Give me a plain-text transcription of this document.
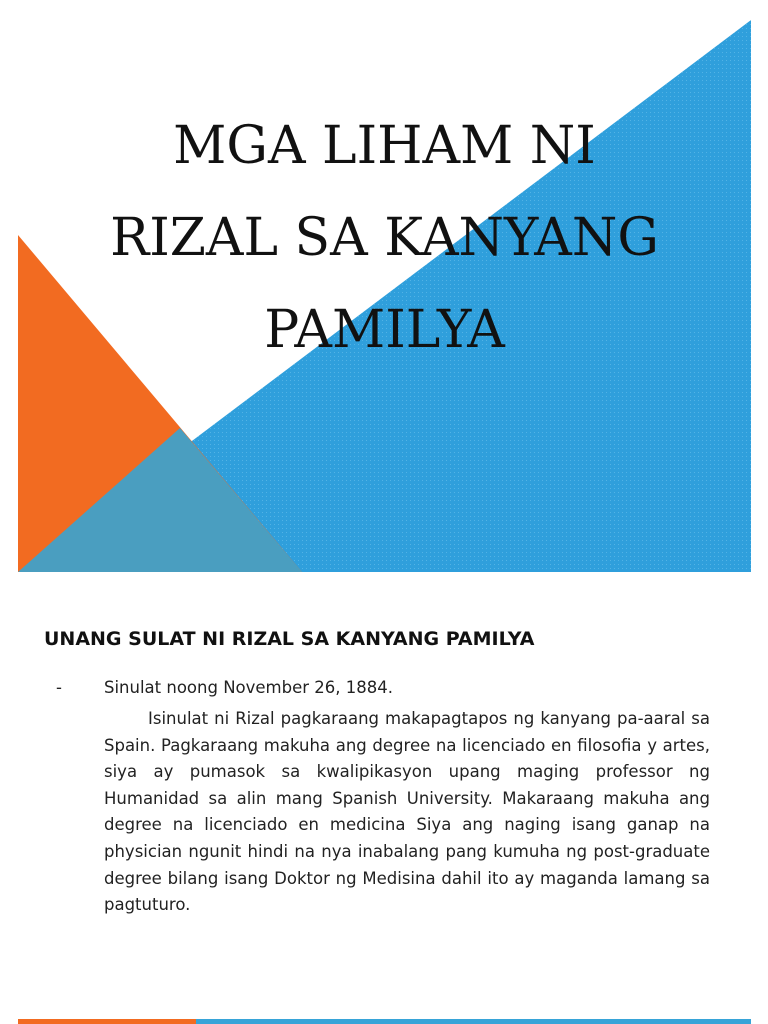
MGA LIHAM NI
RIZAL SA KANYANG
PAMILYA
UNANG SULAT NI RIZAL SA KANYANG PAMILYA
-	Sinulat noong November 26, 1884.

Isinulat ni Rizal pagkaraang makapagtapos ng kanyang pa-aaral sa Spain. Pagkaraang makuha ang degree na licenciado en filosofia y artes, siya ay pumasok sa kwalipikasyon upang maging professor ng Humanidad sa alin mang Spanish University. Makaraang makuha ang degree na licenciado en medicina Siya ang naging isang ganap na physician ngunit hindi na nya inabalang pang kumuha ng post-graduate degree bilang isang Doktor ng Medisina dahil ito ay maganda lamang sa pagtuturo.
